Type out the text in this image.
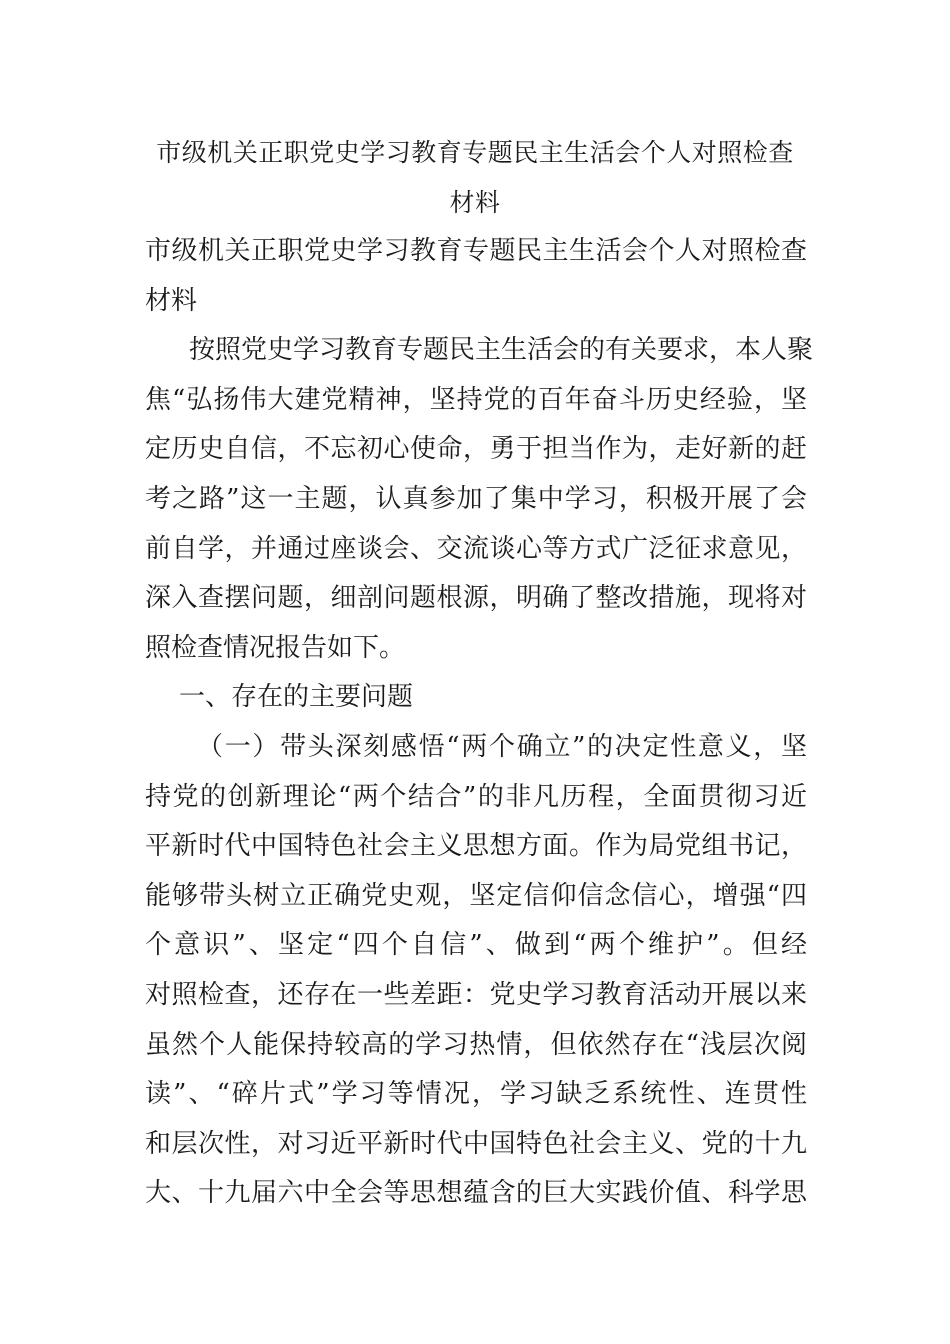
市级机关正职党史学习教育专题民主生活会个人对照检查
材料
市级机关正职党史学习教育专题民主生活会个人对照检查
材料
按照党史学习教育专题民主生活会的有关要求，本人聚
焦“弘扬伟大建党精神，坚持党的百年奋斗历史经验，坚
定历史自信，不忘初心使命，勇于担当作为，走好新的赶
考之路”这一主题，认真参加了集中学习，积极开展了会
前自学，并通过座谈会、交流谈心等方式广泛征求意见，
深入查摆问题，细剖问题根源，明确了整改措施，现将对
照检查情况报告如下。
一、存在的主要问题
（一）带头深刻感悟“两个确立”的决定性意义，坚
持党的创新理论“两个结合”的非凡历程，全面贯彻习近
平新时代中国特色社会主义思想方面。作为局党组书记，
能够带头树立正确党史观，坚定信仰信念信心，增强“四
个意识”、坚定“四个自信”、做到“两个维护”。但经
对照检查，还存在一些差距：党史学习教育活动开展以来
虽然个人能保持较高的学习热情，但依然存在“浅层次阅
读”、“碎片式”学习等情况，学习缺乏系统性、连贯性
和层次性，对习近平新时代中国特色社会主义、党的十九
大、十九届六中全会等思想蕴含的巨大实践价值、科学思
